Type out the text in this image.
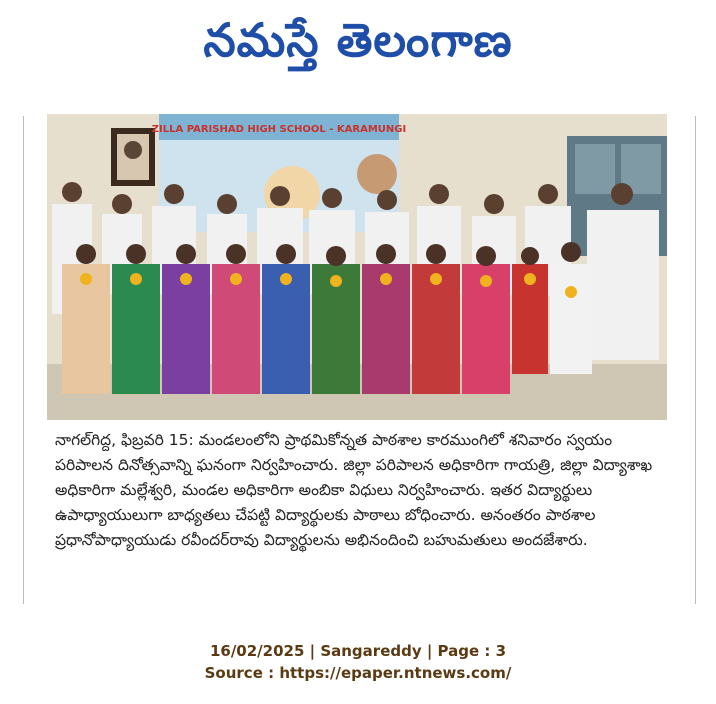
నమస్తే తెలంగాణ
ZILLA PARISHAD HIGH SCHOOL - KARAMUNGI

నాగల్‌గిద్ద, ఫిబ్రవరి 15: మండలంలోని ప్రాథమికోన్నత పాఠశాల కారముంగిలో శనివారం స్వయం పరిపాలన దినోత్సవాన్ని ఘనంగా నిర్వహించారు. జిల్లా పరిపాలన అధికారిగా గాయత్రి, జిల్లా విద్యాశాఖ అధికారిగా మల్లేశ్వరి, మండల అధికారిగా అంబికా విధులు నిర్వహించారు. ఇతర విద్యార్థులు ఉపాధ్యాయులుగా బాధ్యతలు చేపట్టి విద్యార్థులకు పాఠాలు బోధించారు. అనంతరం పాఠశాల ప్రధానోపాధ్యాయుడు రవీందర్‌రావు విద్యార్థులను అభినందించి బహుమతులు అందజేశారు.

16/02/2025 | Sangareddy | Page : 3
Source : https://epaper.ntnews.com/
